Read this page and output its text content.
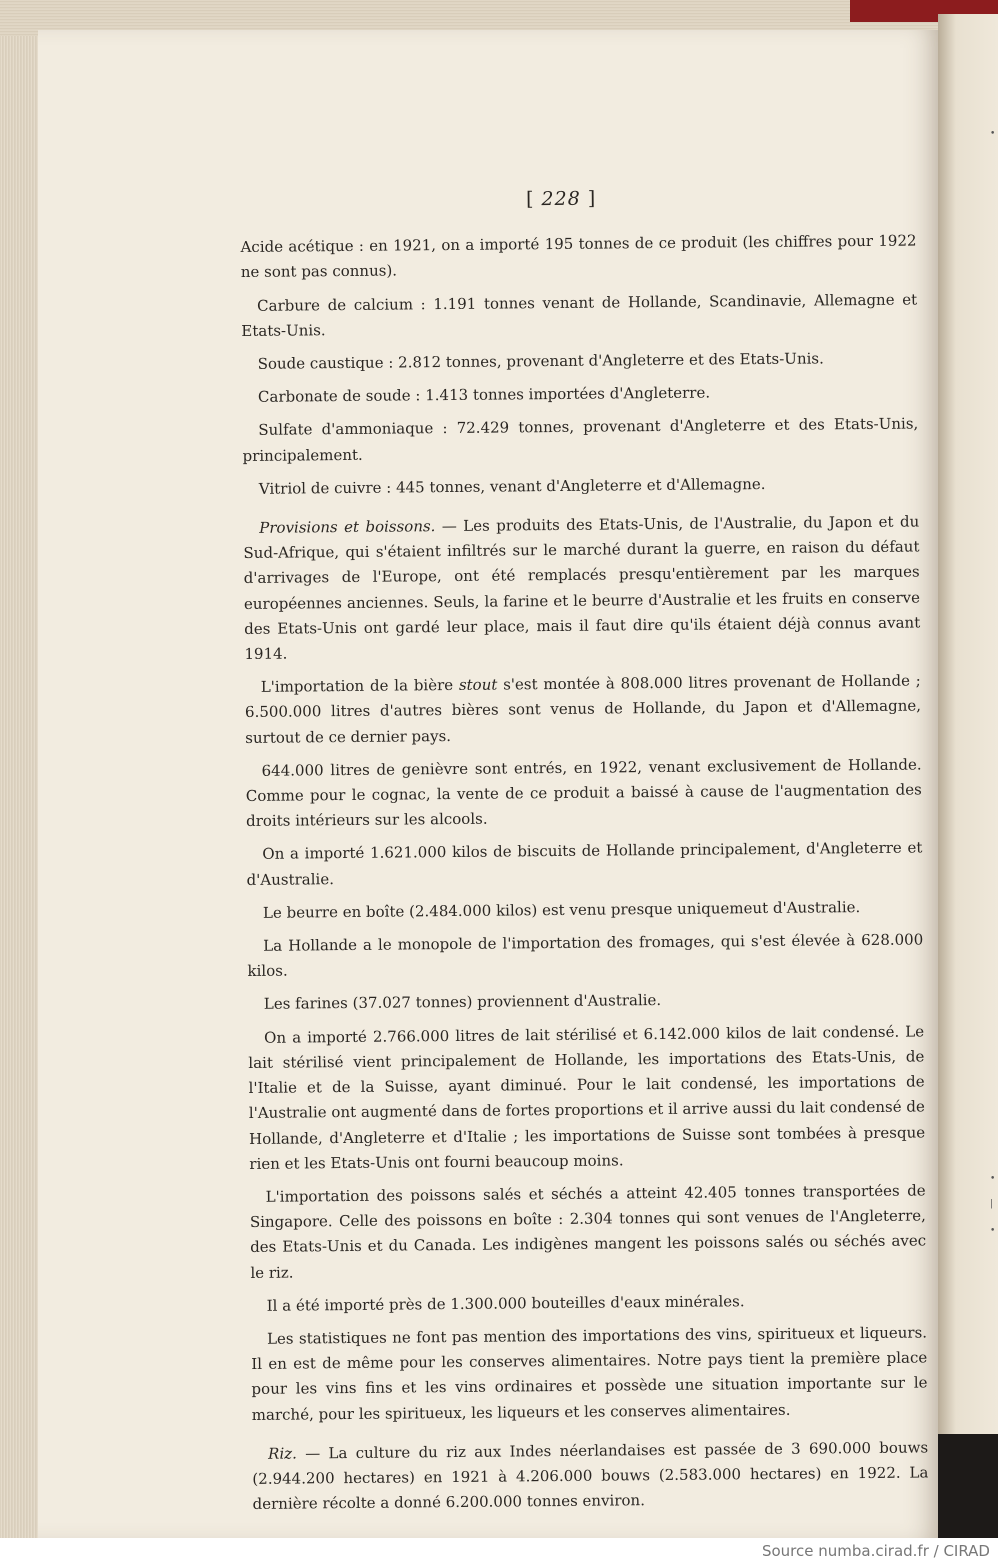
•
•
|
•
[ 228 ]

Acide acétique : en 1921, on a importé 195 tonnes de ce produit (les chiffres pour 1922 ne sont pas connus).

Carbure de calcium : 1.191 tonnes venant de Hollande, Scandinavie, Allemagne et Etats-Unis.

Soude caustique : 2.812 tonnes, provenant d'Angleterre et des Etats-Unis.

Carbonate de soude : 1.413 tonnes importées d'Angleterre.

Sulfate d'ammoniaque : 72.429 tonnes, provenant d'Angleterre et des Etats-Unis, principalement.

Vitriol de cuivre : 445 tonnes, venant d'Angleterre et d'Allemagne.

Provisions et boissons. — Les produits des Etats-Unis, de l'Australie, du Japon et du Sud-Afrique, qui s'étaient infiltrés sur le marché durant la guerre, en raison du défaut d'arrivages de l'Europe, ont été remplacés presqu'entièrement par les marques européennes anciennes. Seuls, la farine et le beurre d'Australie et les fruits en conserve des Etats-Unis ont gardé leur place, mais il faut dire qu'ils étaient déjà connus avant 1914.

L'importation de la bière stout s'est montée à 808.000 litres provenant de Hollande ; 6.500.000 litres d'autres bières sont venus de Hollande, du Japon et d'Allemagne, surtout de ce dernier pays.

644.000 litres de genièvre sont entrés, en 1922, venant exclusivement de Hollande. Comme pour le cognac, la vente de ce produit a baissé à cause de l'augmentation des droits intérieurs sur les alcools.

On a importé 1.621.000 kilos de biscuits de Hollande principalement, d'Angleterre et d'Australie.

Le beurre en boîte (2.484.000 kilos) est venu presque uniquemeut d'Australie.

La Hollande a le monopole de l'importation des fromages, qui s'est élevée à 628.000 kilos.

Les farines (37.027 tonnes) proviennent d'Australie.

On a importé 2.766.000 litres de lait stérilisé et 6.142.000 kilos de lait condensé. Le lait stérilisé vient principalement de Hollande, les importations des Etats-Unis, de l'Italie et de la Suisse, ayant diminué. Pour le lait condensé, les importations de l'Australie ont augmenté dans de fortes proportions et il arrive aussi du lait condensé de Hollande, d'Angleterre et d'Italie ; les importations de Suisse sont tombées à presque rien et les Etats-Unis ont fourni beaucoup moins.

L'importation des poissons salés et séchés a atteint 42.405 tonnes transportées de Singapore. Celle des poissons en boîte : 2.304 tonnes qui sont venues de l'Angleterre, des Etats-Unis et du Canada. Les indigènes mangent les poissons salés ou séchés avec le riz.

Il a été importé près de 1.300.000 bouteilles d'eaux minérales.

Les statistiques ne font pas mention des importations des vins, spiritueux et liqueurs. Il en est de même pour les conserves alimentaires. Notre pays tient la première place pour les vins fins et les vins ordinaires et possède une situation importante sur le marché, pour les spiritueux, les liqueurs et les conserves alimentaires.

Riz. — La culture du riz aux Indes néerlandaises est passée de 3 690.000 bouws (2.944.200 hectares) en 1921 à 4.206.000 bouws (2.583.000 hectares) en 1922. La dernière récolte a donné 6.200.000 tonnes environ.

Source numba.cirad.fr / CIRAD
